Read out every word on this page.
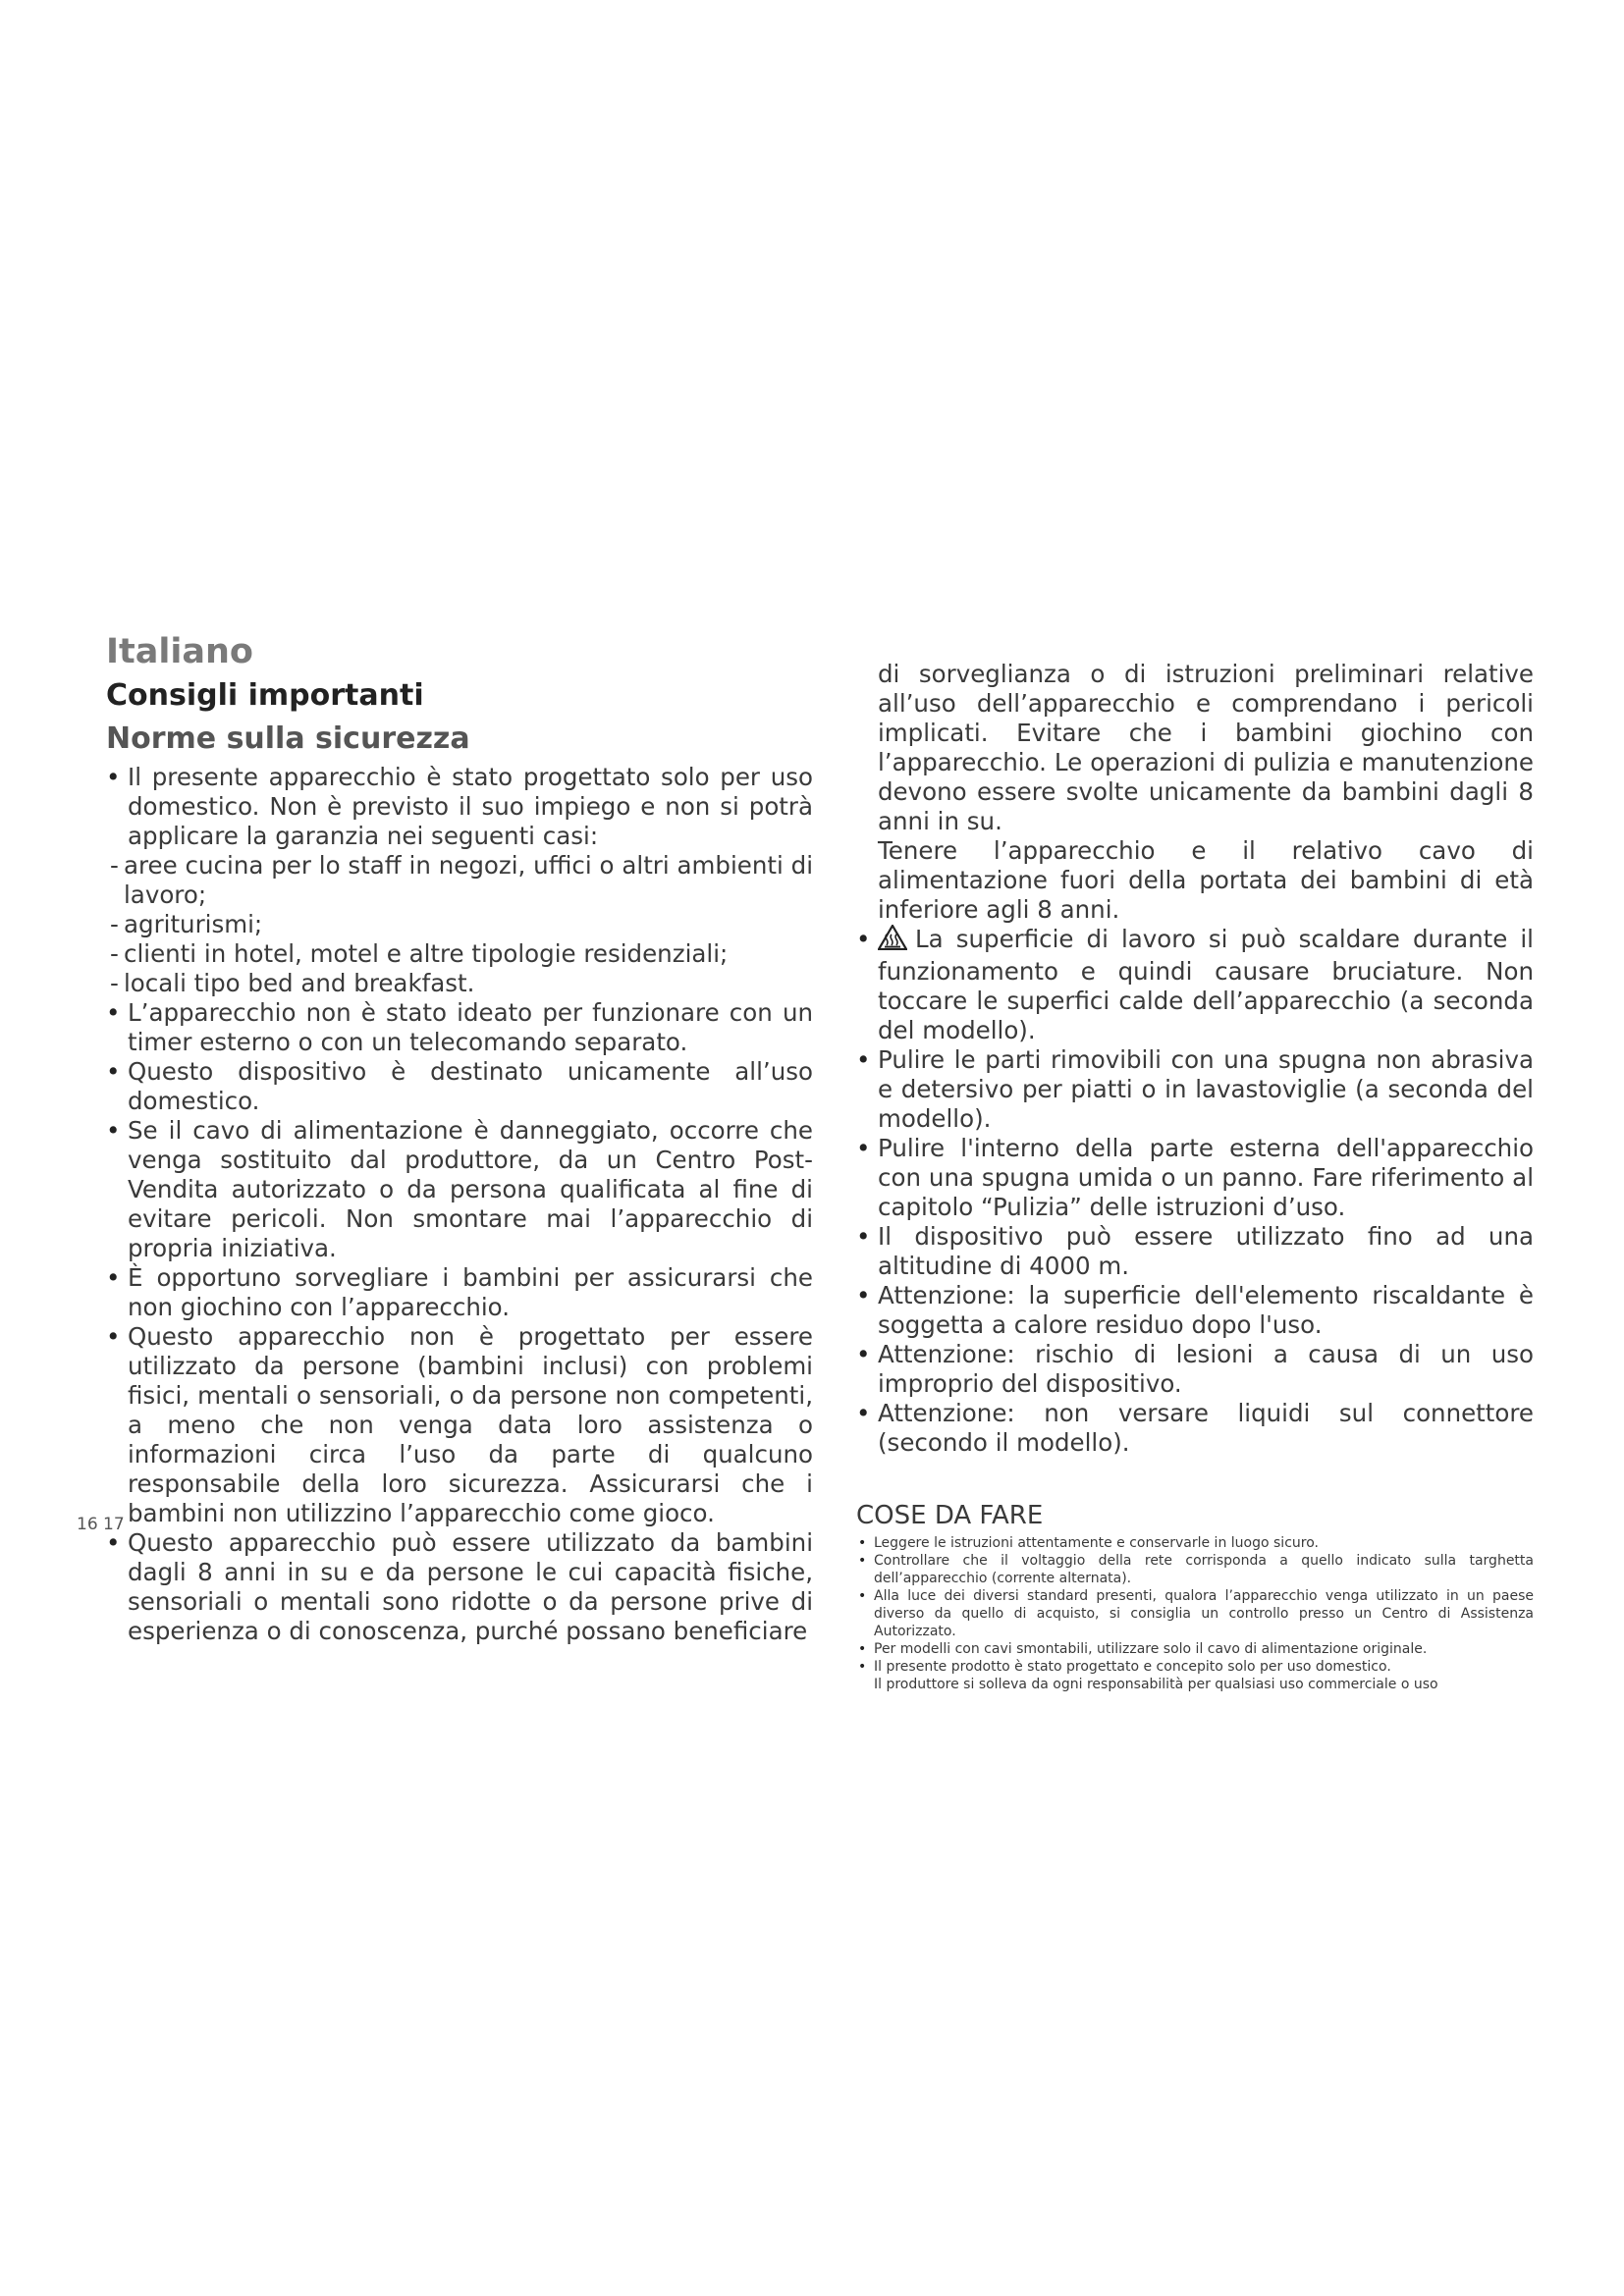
Italiano
Consigli importanti
Norme sulla sicurezza
• Il presente apparecchio è stato progettato solo per uso domestico. Non è previsto il suo impiego e non si potrà applicare la garanzia nei seguenti casi:
- aree cucina per lo staff in negozi, uffici o altri ambienti di lavoro;
- agriturismi;
- clienti in hotel, motel e altre tipologie residenziali;
- locali tipo bed and breakfast.
• L’apparecchio non è stato ideato per funzionare con un timer esterno o con un telecomando separato.
• Questo dispositivo è destinato unicamente all’uso domestico.
• Se il cavo di alimentazione è danneggiato, occorre che venga sostituito dal produttore, da un Centro Post-Vendita autorizzato o da persona qualificata al fine di evitare pericoli. Non smontare mai l’apparecchio di propria iniziativa.
• È opportuno sorvegliare i bambini per assicurarsi che non giochino con l’apparecchio.
• Questo apparecchio non è progettato per essere utilizzato da persone (bambini inclusi) con problemi fisici, mentali o sensoriali, o da persone non competenti, a meno che non venga data loro assistenza o informazioni circa l’uso da parte di qualcuno responsabile della loro sicurezza. Assicurarsi che i bambini non utilizzino l’apparecchio come gioco.
• Questo apparecchio può essere utilizzato da bambini dagli 8 anni in su e da persone le cui capacità fisiche, sensoriali o mentali sono ridotte o da persone prive di esperienza o di conoscenza, purché possano beneficiare
di sorveglianza o di istruzioni preliminari relative all’uso dell’apparecchio e comprendano i pericoli implicati. Evitare che i bambini giochino con l’apparecchio. Le operazioni di pulizia e manutenzione devono essere svolte unicamente da bambini dagli 8 anni in su.
Tenere l’apparecchio e il relativo cavo di alimentazione fuori della portata dei bambini di età inferiore agli 8 anni.
• La superficie di lavoro si può scaldare durante il funzionamento e quindi causare bruciature. Non toccare le superfici calde dell’apparecchio (a seconda del modello).
• Pulire le parti rimovibili con una spugna non abrasiva e detersivo per piatti o in lavastoviglie (a seconda del modello).
• Pulire l'interno della parte esterna dell'apparecchio con una spugna umida o un panno. Fare riferimento al capitolo “Pulizia” delle istruzioni d’uso.
• Il dispositivo può essere utilizzato fino ad una altitudine di 4000 m.
• Attenzione: la superficie dell'elemento riscaldante è soggetta a calore residuo dopo l'uso.
• Attenzione: rischio di lesioni a causa di un uso improprio del dispositivo.
• Attenzione: non versare liquidi sul connettore (secondo il modello).
COSE DA FARE
• Leggere le istruzioni attentamente e conservarle in luogo sicuro.
• Controllare che il voltaggio della rete corrisponda a quello indicato sulla targhetta dell’apparecchio (corrente alternata).
• Alla luce dei diversi standard presenti, qualora l’apparecchio venga utilizzato in un paese diverso da quello di acquisto, si consiglia un controllo presso un Centro di Assistenza Autorizzato.
• Per modelli con cavi smontabili, utilizzare solo il cavo di alimentazione originale.
• Il presente prodotto è stato progettato e concepito solo per uso domestico.
Il produttore si solleva da ogni responsabilità per qualsiasi uso commerciale o uso
16 17
